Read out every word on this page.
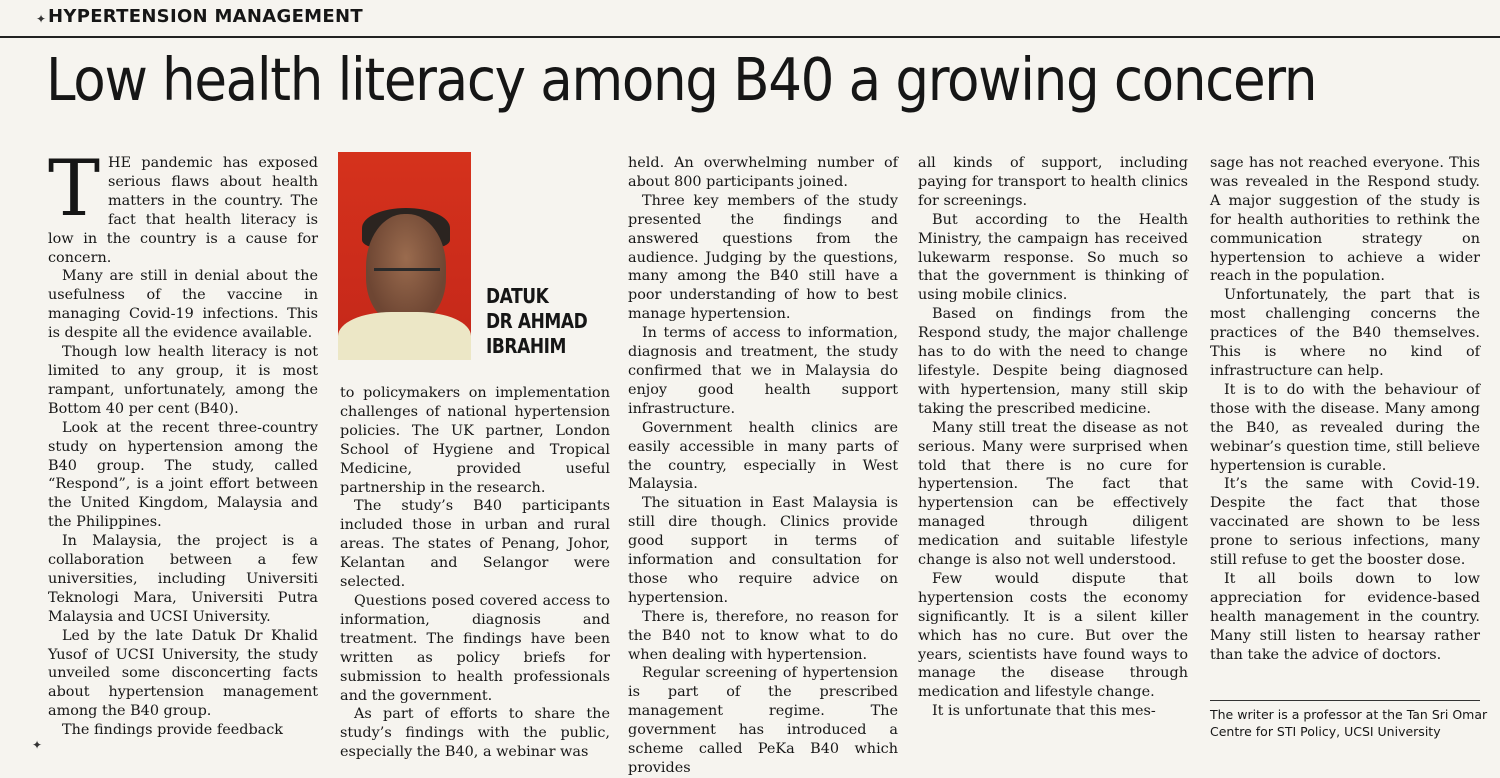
HYPERTENSION MANAGEMENT
Low health literacy among B40 a growing concern

THE pandemic has exposed serious flaws about health matters in the country. The fact that health literacy is low in the country is a cause for concern.

Many are still in denial about the usefulness of the vaccine in managing Covid-19 infections. This is despite all the evidence available.

Though low health literacy is not limited to any group, it is most rampant, unfortunately, among the Bottom 40 per cent (B40).

Look at the recent three-country study on hypertension among the B40 group. The study, called “Respond”, is a joint effort between the United Kingdom, Malaysia and the Philippines.

In Malaysia, the project is a collaboration between a few universities, including Universiti Teknologi Mara, Universiti Putra Malaysia and UCSI University.

Led by the late Datuk Dr Khalid Yusof of UCSI University, the study unveiled some disconcerting facts about hypertension management among the B40 group.

The findings provide feedback

DATUK
DR AHMAD
IBRAHIM

to policymakers on implementation challenges of national hypertension policies. The UK partner, London School of Hygiene and Tropical Medicine, provided useful partnership in the research.

The study’s B40 participants included those in urban and rural areas. The states of Penang, Johor, Kelantan and Selangor were selected.

Questions posed covered access to information, diagnosis and treatment. The findings have been written as policy briefs for submission to health professionals and the government.

As part of efforts to share the study’s findings with the public, especially the B40, a webinar was

held. An overwhelming number of about 800 participants joined.

Three key members of the study presented the findings and answered questions from the audience. Judging by the questions, many among the B40 still have a poor understanding of how to best manage hypertension.

In terms of access to information, diagnosis and treatment, the study confirmed that we in Malaysia do enjoy good health support infrastructure.

Government health clinics are easily accessible in many parts of the country, especially in West Malaysia.

The situation in East Malaysia is still dire though. Clinics provide good support in terms of information and consultation for those who require advice on hypertension.

There is, therefore, no reason for the B40 not to know what to do when dealing with hypertension.

Regular screening of hypertension is part of the prescribed management regime. The government has introduced a scheme called PeKa B40 which provides

all kinds of support, including paying for transport to health clinics for screenings.

But according to the Health Ministry, the campaign has received lukewarm response. So much so that the government is thinking of using mobile clinics.

Based on findings from the Respond study, the major challenge has to do with the need to change lifestyle. Despite being diagnosed with hypertension, many still skip taking the prescribed medicine.

Many still treat the disease as not serious. Many were surprised when told that there is no cure for hypertension. The fact that hypertension can be effectively managed through diligent medication and suitable lifestyle change is also not well understood.

Few would dispute that hypertension costs the economy significantly. It is a silent killer which has no cure. But over the years, scientists have found ways to manage the disease through medication and lifestyle change.

It is unfortunate that this mes-

sage has not reached everyone. This was revealed in the Respond study. A major suggestion of the study is for health authorities to rethink the communication strategy on hypertension to achieve a wider reach in the population.

Unfortunately, the part that is most challenging concerns the practices of the B40 themselves. This is where no kind of infrastructure can help.

It is to do with the behaviour of those with the disease. Many among the B40, as revealed during the webinar’s question time, still believe hypertension is curable.

It’s the same with Covid-19. Despite the fact that those vaccinated are shown to be less prone to serious infections, many still refuse to get the booster dose.

It all boils down to low appreciation for evidence-based health management in the country. Many still listen to hearsay rather than take the advice of doctors.

The writer is a professor at the Tan Sri Omar Centre for STI Policy, UCSI University
✦
✦
